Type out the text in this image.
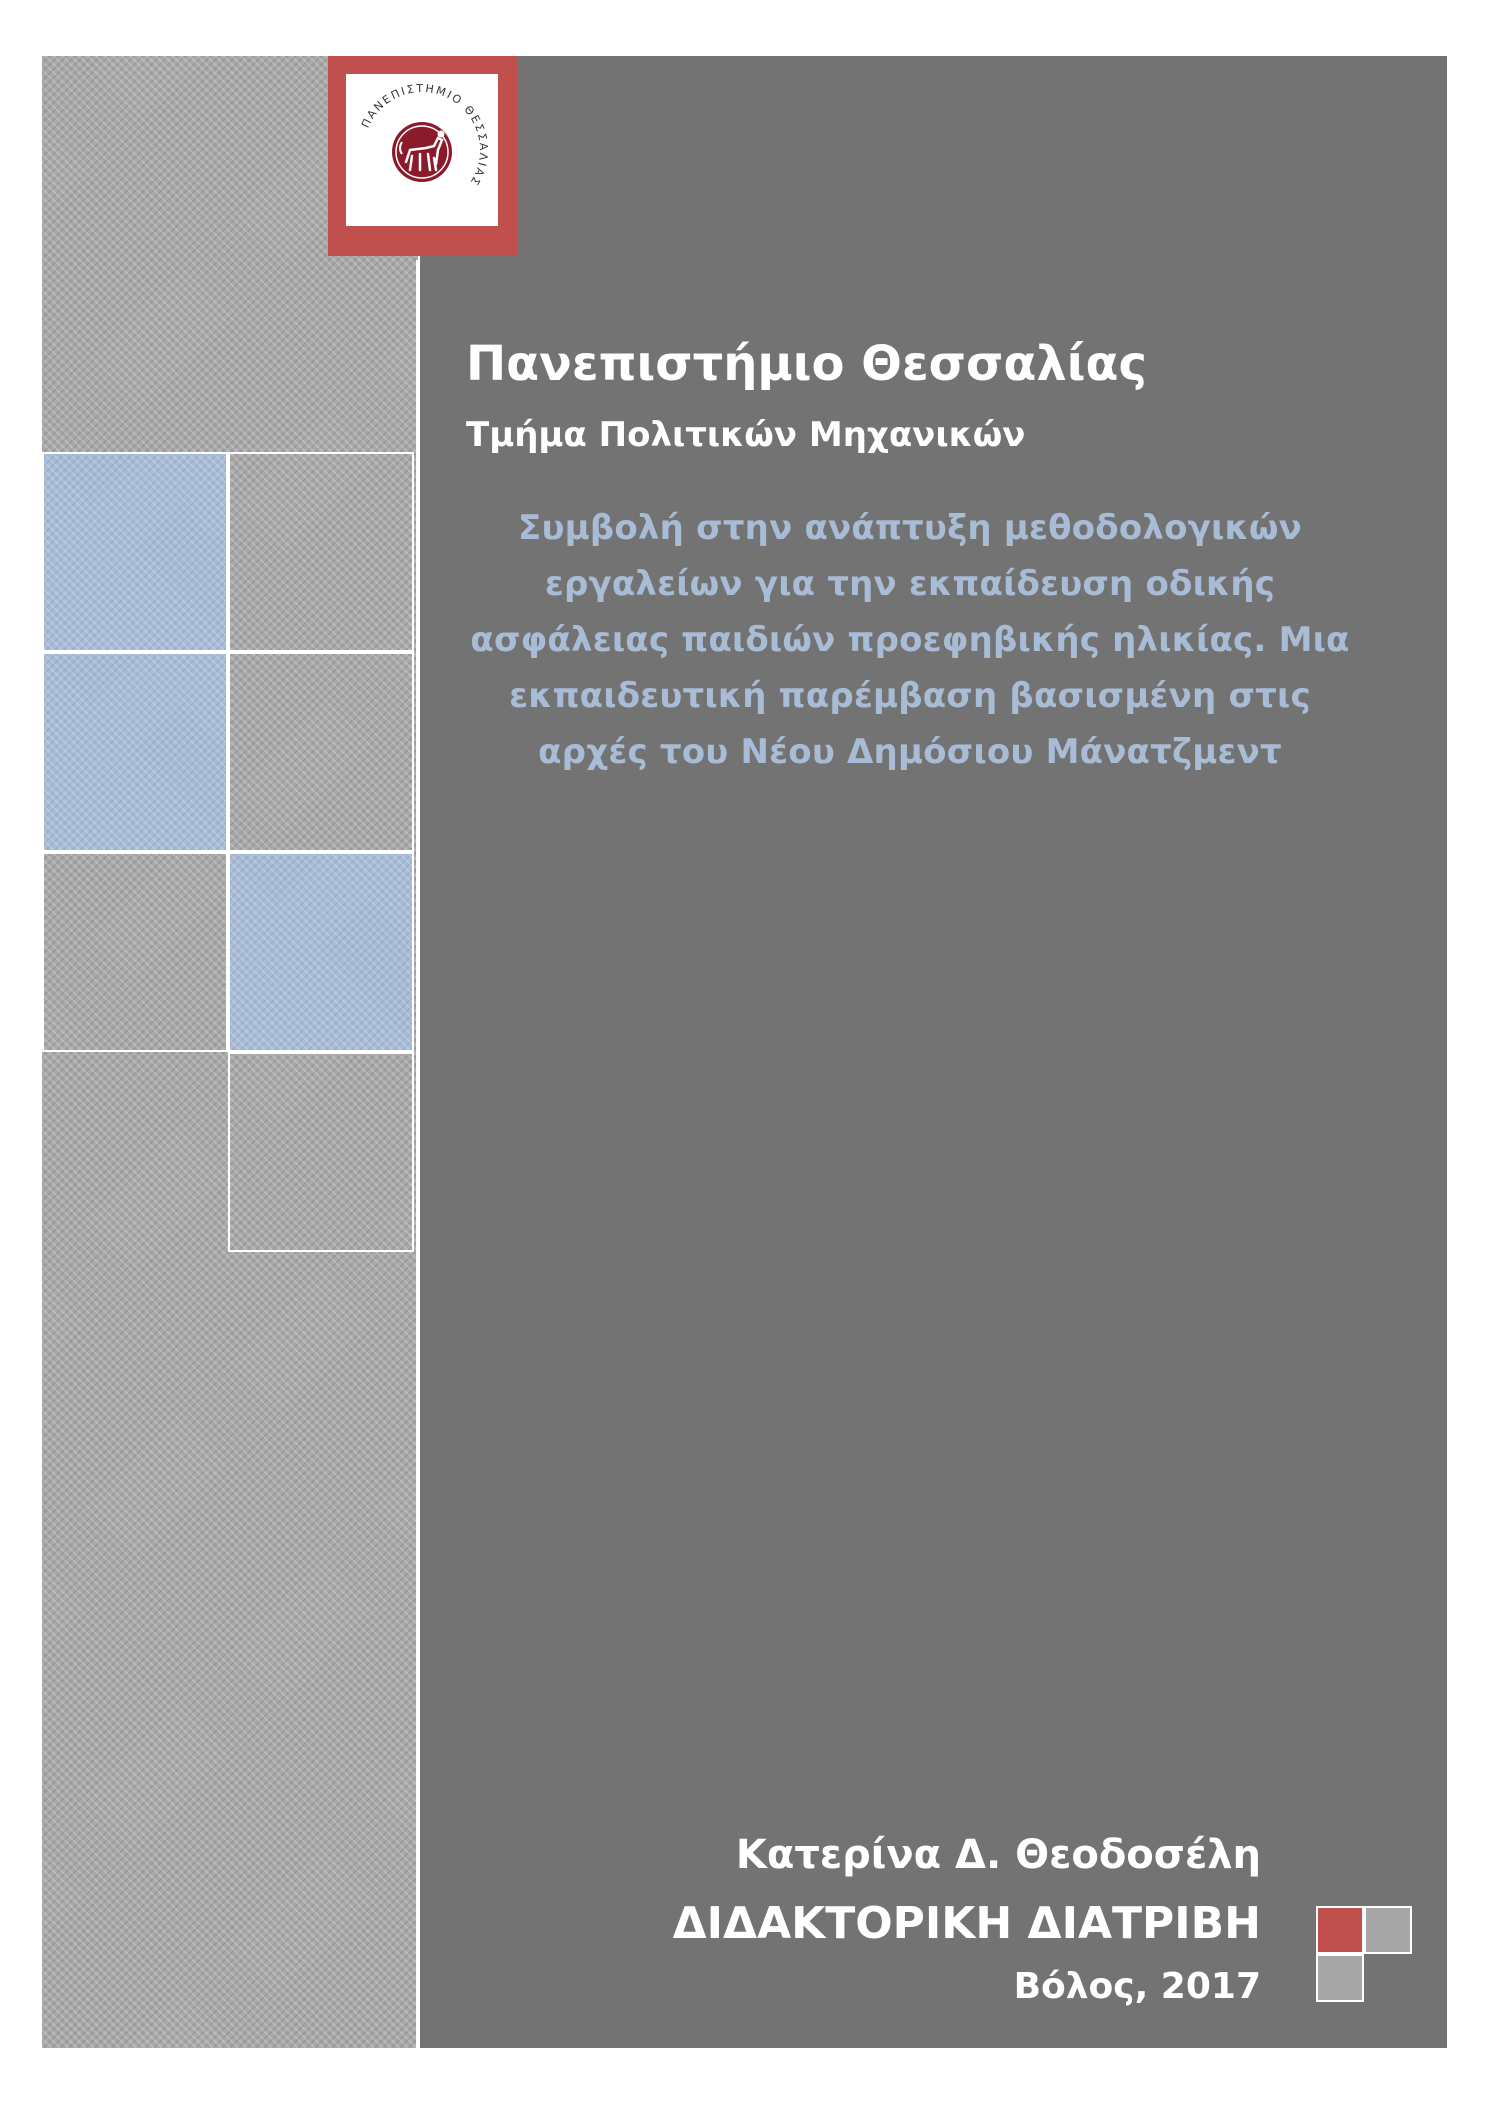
ΠΑΝΕΠΙΣΤΗΜΙΟ ΘΕΣΣΑΛΙΑΣ
Πανεπιστήμιο Θεσσαλίας
Τμήμα Πολιτικών Μηχανικών
Συμβολή στην ανάπτυξη μεθοδολογικών
εργαλείων για την εκπαίδευση οδικής
ασφάλειας παιδιών προεφηβικής ηλικίας. Μια
εκπαιδευτική παρέμβαση βασισμένη στις
αρχές του Νέου Δημόσιου Μάνατζμεντ
Κατερίνα Δ. Θεοδοσέλη
ΔΙΔΑΚΤΟΡΙΚΗ ΔΙΑΤΡΙΒΗ
Βόλος, 2017
